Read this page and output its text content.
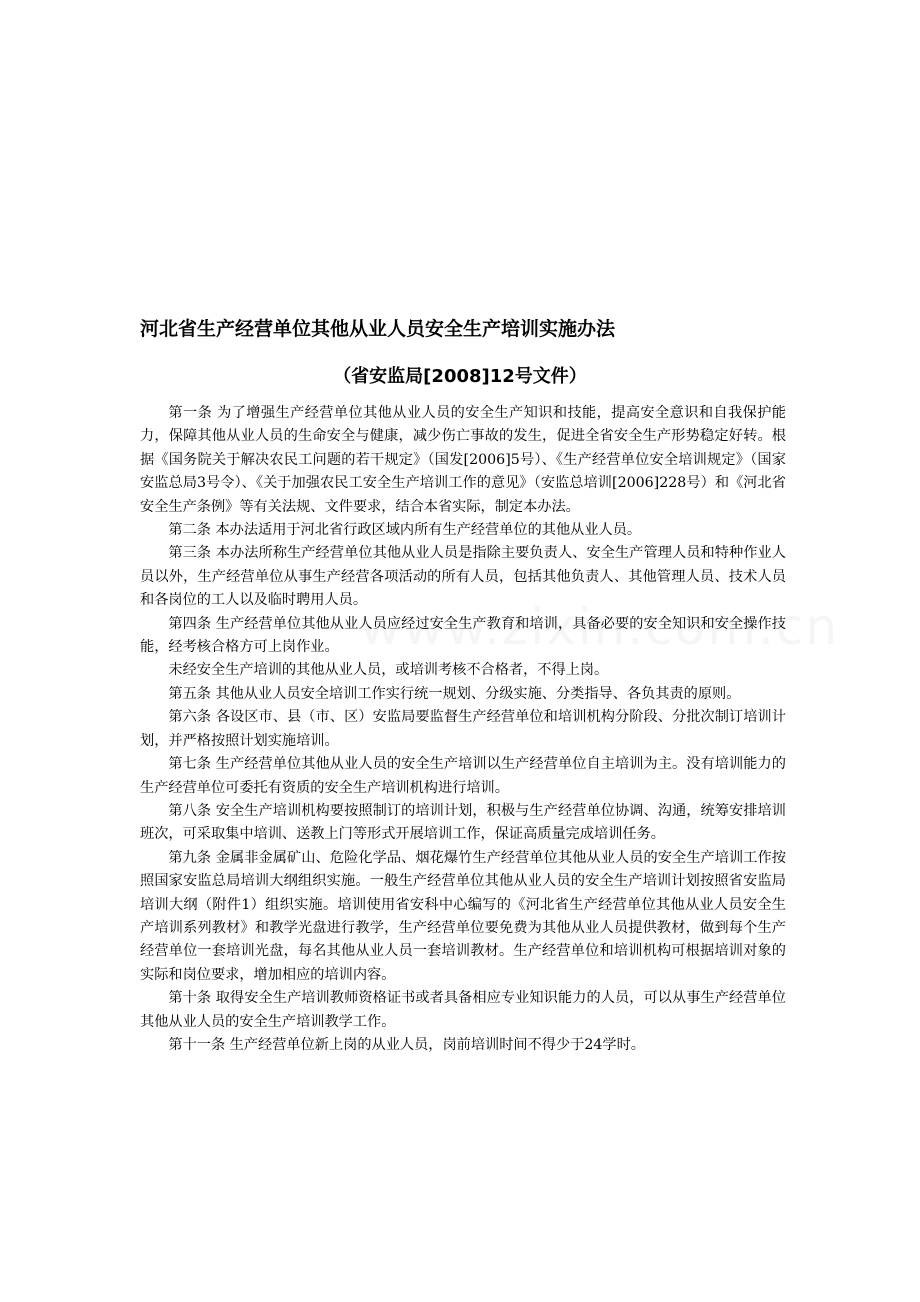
河北省生产经营单位其他从业人员安全生产培训实施办法
（省安监局[2008]12号文件）

第一条 为了增强生产经营单位其他从业人员的安全生产知识和技能，提高安全意识和自我保护能力，保障其他从业人员的生命安全与健康，减少伤亡事故的发生，促进全省安全生产形势稳定好转。根据《国务院关于解决农民工问题的若干规定》（国发[2006]5号）、《生产经营单位安全培训规定》（国家安监总局3号令）、《关于加强农民工安全生产培训工作的意见》（安监总培训[2006]228号）和《河北省安全生产条例》等有关法规、文件要求，结合本省实际，制定本办法。

第二条 本办法适用于河北省行政区域内所有生产经营单位的其他从业人员。

第三条 本办法所称生产经营单位其他从业人员是指除主要负责人、安全生产管理人员和特种作业人员以外，生产经营单位从事生产经营各项活动的所有人员，包括其他负责人、其他管理人员、技术人员和各岗位的工人以及临时聘用人员。

第四条 生产经营单位其他从业人员应经过安全生产教育和培训，具备必要的安全知识和安全操作技能，经考核合格方可上岗作业。

未经安全生产培训的其他从业人员，或培训考核不合格者，不得上岗。

第五条 其他从业人员安全培训工作实行统一规划、分级实施、分类指导、各负其责的原则。

第六条 各设区市、县（市、区）安监局要监督生产经营单位和培训机构分阶段、分批次制订培训计划，并严格按照计划实施培训。

第七条 生产经营单位其他从业人员的安全生产培训以生产经营单位自主培训为主。没有培训能力的生产经营单位可委托有资质的安全生产培训机构进行培训。

第八条 安全生产培训机构要按照制订的培训计划，积极与生产经营单位协调、沟通，统筹安排培训班次，可采取集中培训、送教上门等形式开展培训工作，保证高质量完成培训任务。

第九条 金属非金属矿山、危险化学品、烟花爆竹生产经营单位其他从业人员的安全生产培训工作按照国家安监总局培训大纲组织实施。一般生产经营单位其他从业人员的安全生产培训计划按照省安监局培训大纲（附件1）组织实施。培训使用省安科中心编写的《河北省生产经营单位其他从业人员安全生产培训系列教材》和教学光盘进行教学，生产经营单位要免费为其他从业人员提供教材，做到每个生产经营单位一套培训光盘，每名其他从业人员一套培训教材。生产经营单位和培训机构可根据培训对象的实际和岗位要求，增加相应的培训内容。

第十条 取得安全生产培训教师资格证书或者具备相应专业知识能力的人员，可以从事生产经营单位其他从业人员的安全生产培训教学工作。

第十一条 生产经营单位新上岗的从业人员，岗前培训时间不得少于24学时。
